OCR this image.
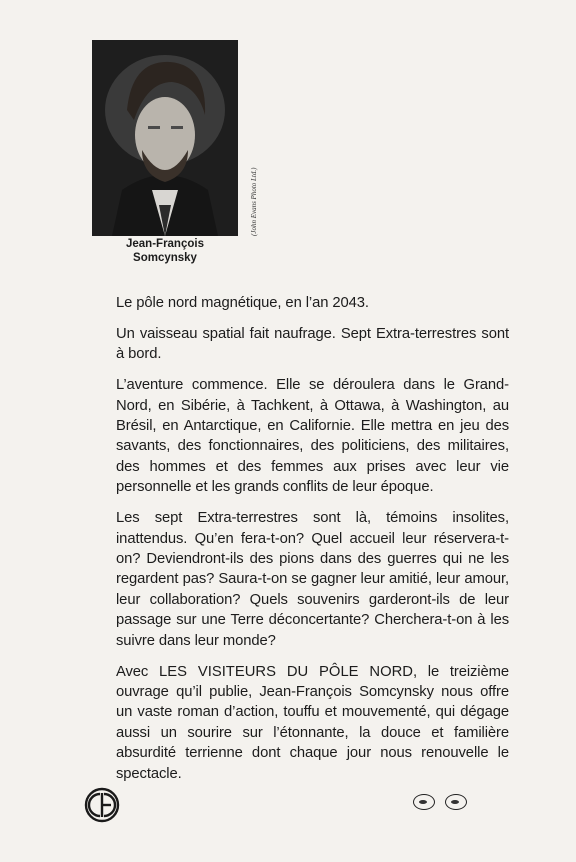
(John Evans Photo Ltd.)
Jean-François
Somcynsky

Le pôle nord magnétique, en l’an 2043.

Un vaisseau spatial fait naufrage. Sept Extra-terrestres sont à bord.

L’aventure commence. Elle se déroulera dans le Grand-Nord, en Sibérie, à Tachkent, à Ottawa, à Washington, au Brésil, en Antarctique, en Californie. Elle mettra en jeu des savants, des fonctionnaires, des politiciens, des militaires, des hommes et des femmes aux prises avec leur vie personnelle et les grands conflits de leur époque.

Les sept Extra-terrestres sont là, témoins insolites, inattendus. Qu’en fera-t-on? Quel accueil leur réservera-t-on? Deviendront-ils des pions dans des guerres qui ne les regardent pas? Saura-t-on se gagner leur amitié, leur amour, leur collaboration? Quels souvenirs garderont-ils de leur passage sur une Terre déconcertante? Cherchera-t-on à les suivre dans leur monde?

Avec LES VISITEURS DU PÔLE NORD, le treizième ouvrage qu’il publie, Jean-François Somcynsky nous offre un vaste roman d’action, touffu et mouvementé, qui dégage aussi un sourire sur l’étonnante, la douce et familière absurdité terrienne dont chaque jour nous renouvelle le spectacle.
